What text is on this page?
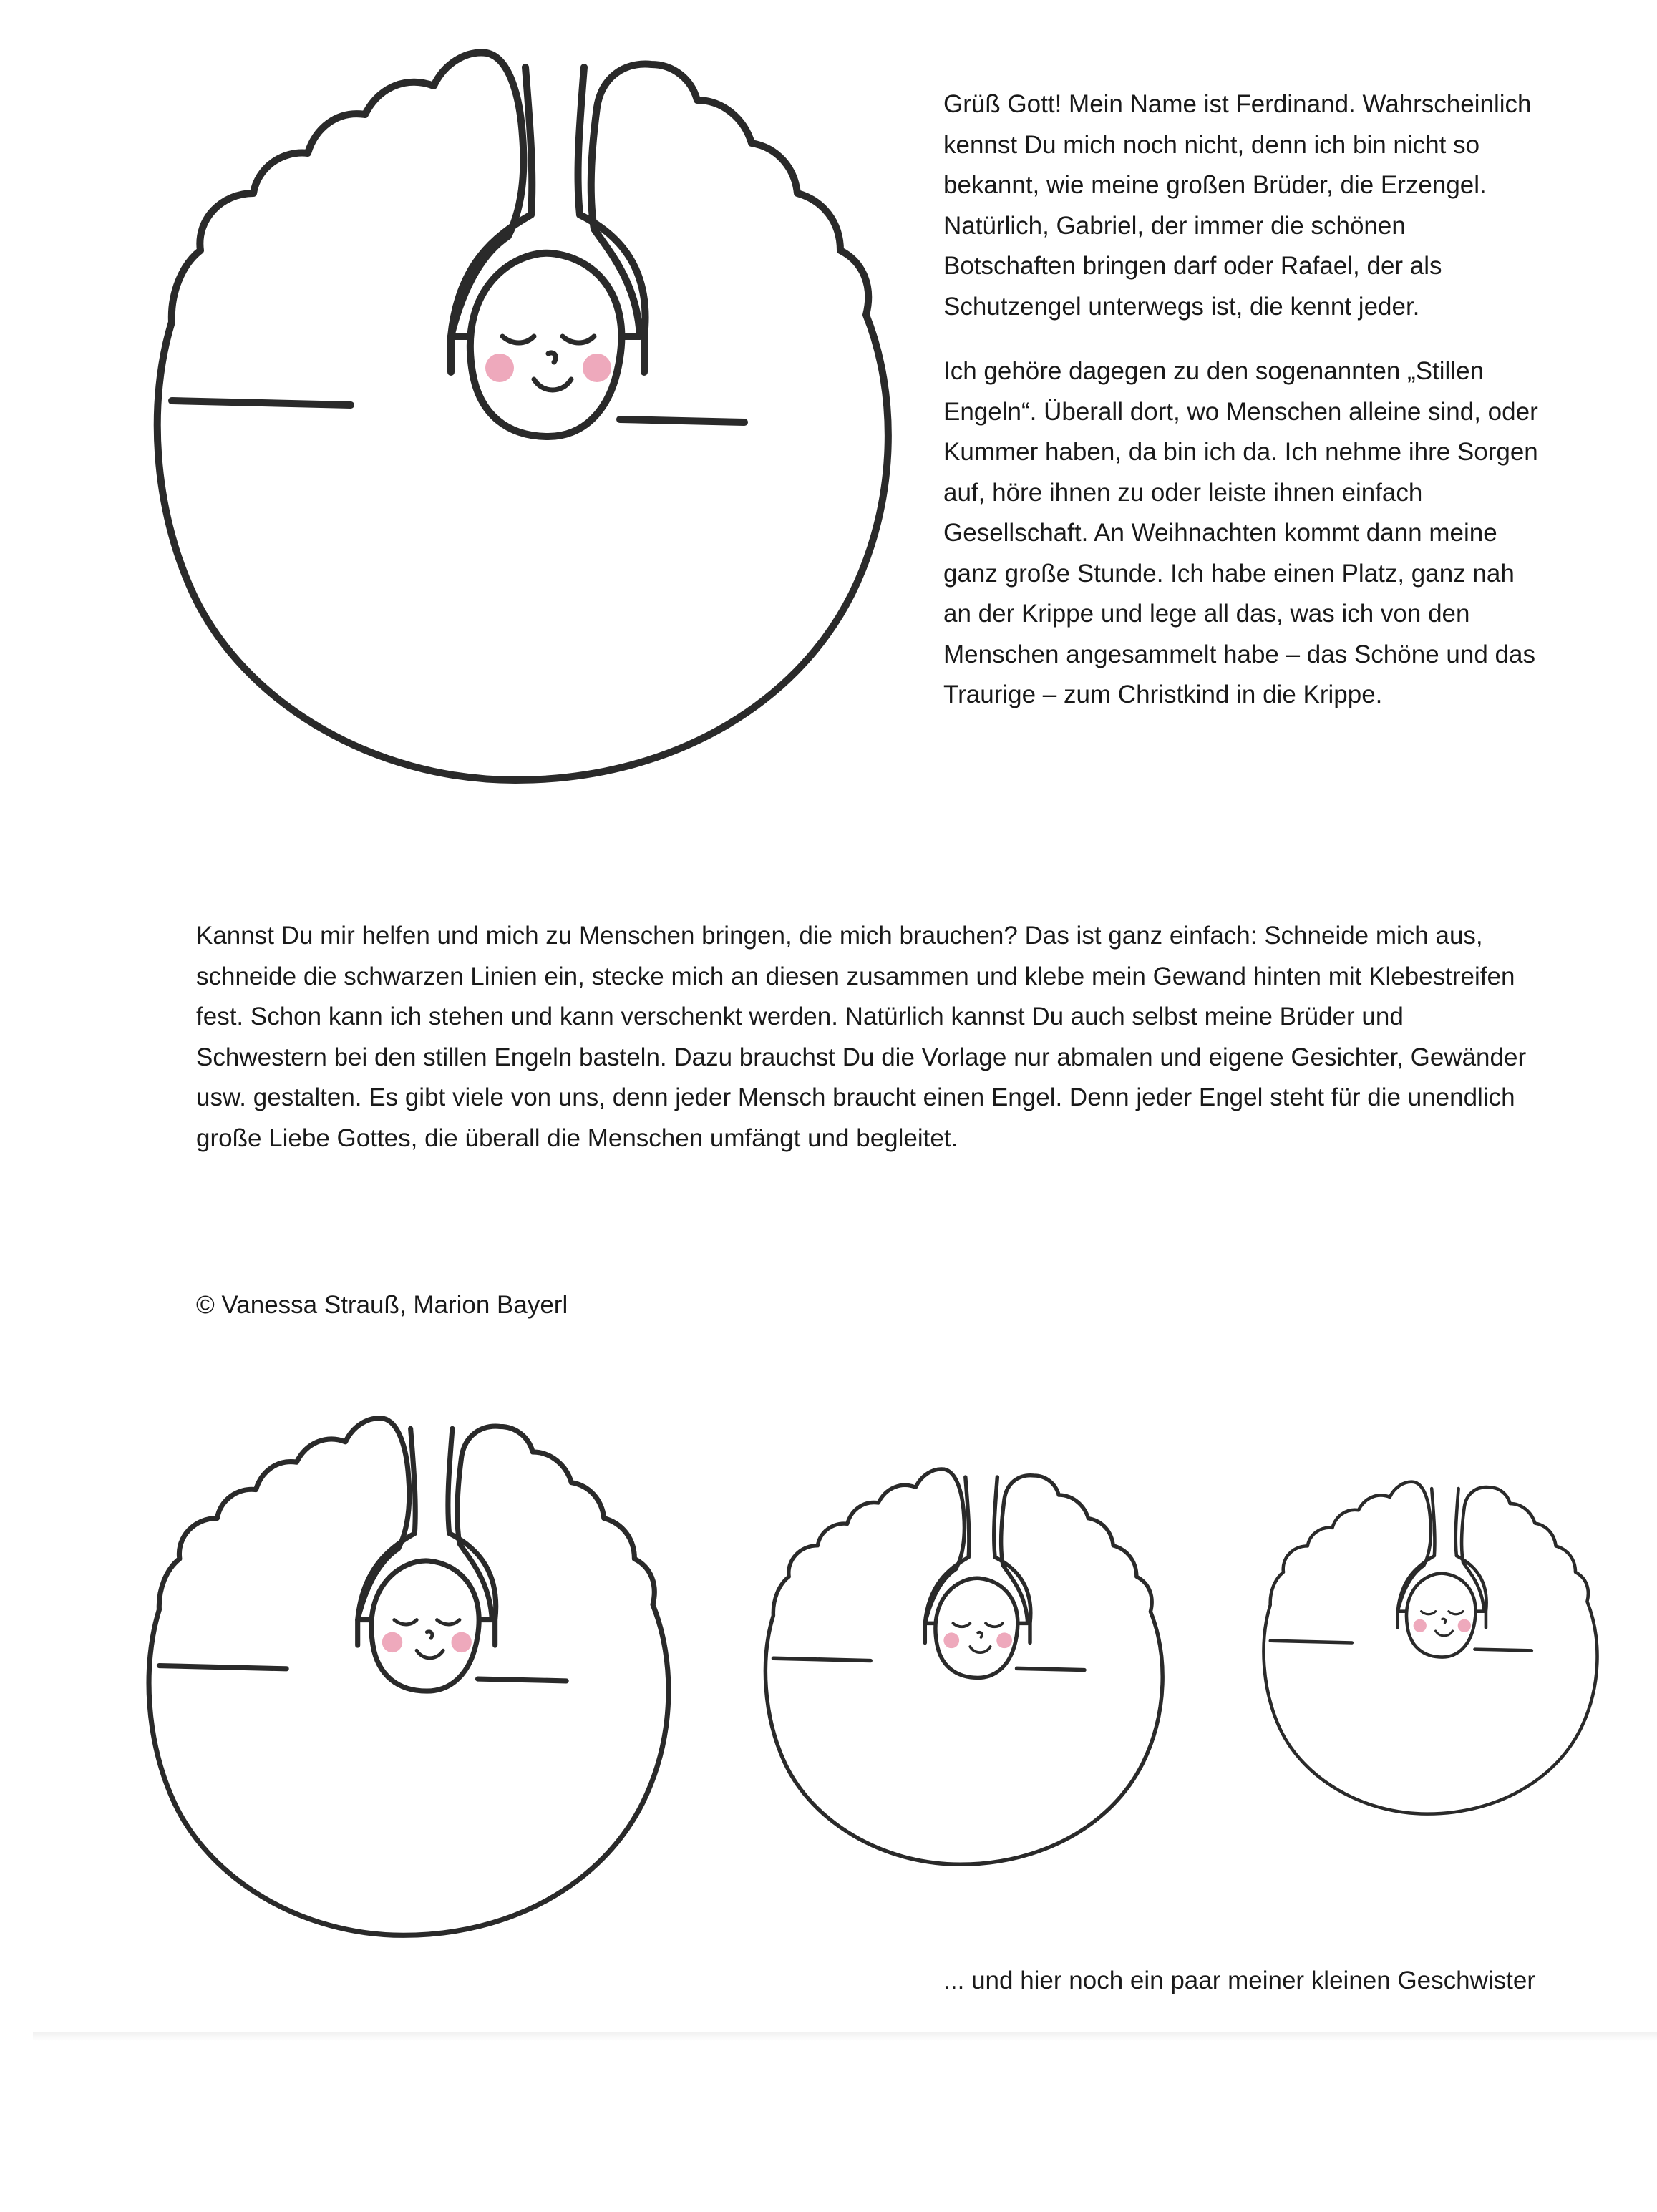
Grüß Gott! Mein Name ist Ferdinand. Wahrscheinlich kennst Du mich noch nicht, denn ich bin nicht so bekannt, wie meine großen Brüder, die Erzengel. Natürlich, Gabriel, der immer die schönen Botschaften bringen darf oder Rafael, der als Schutzengel unterwegs ist, die kennt jeder.

Ich gehöre dagegen zu den sogenannten „Stillen Engeln“. Überall dort, wo Menschen alleine sind, oder Kummer haben, da bin ich da. Ich nehme ihre Sorgen auf, höre ihnen zu oder leiste ihnen einfach Gesellschaft. An Weihnachten kommt dann meine ganz große Stunde. Ich habe einen Platz, ganz nah an der Krippe und lege all das, was ich von den Menschen angesammelt habe – das Schöne und das Traurige – zum Christkind in die Krippe.

Kannst Du mir helfen und mich zu Menschen bringen, die mich brauchen? Das ist ganz einfach: Schneide mich aus, schneide die schwarzen Linien ein, stecke mich an diesen zusammen und klebe mein Gewand hinten mit Klebestreifen fest. Schon kann ich stehen und kann verschenkt werden. Natürlich kannst Du auch selbst meine Brüder und Schwestern bei den stillen Engeln basteln. Dazu brauchst Du die Vorlage nur abmalen und eigene Gesichter, Gewänder usw. gestalten. Es gibt viele von uns, denn jeder Mensch braucht einen Engel. Denn jeder Engel steht für die unendlich große Liebe Gottes, die überall die Menschen umfängt und begleitet.

© Vanessa Strauß, Marion Bayerl

... und hier noch ein paar meiner kleinen Geschwister
